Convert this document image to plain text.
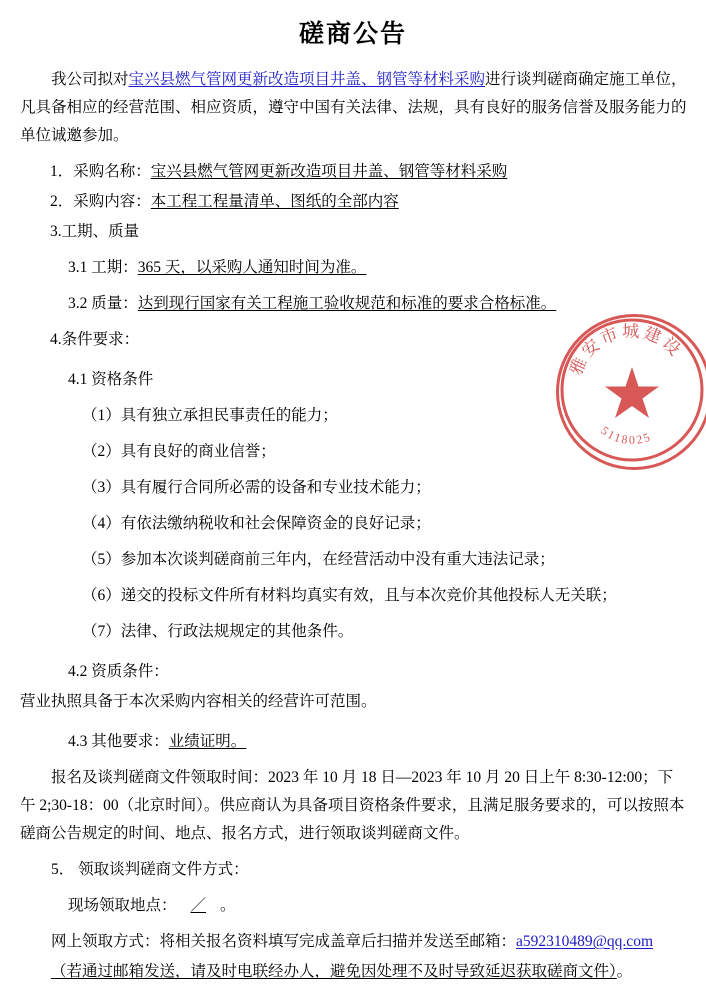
磋商公告

我公司拟对宝兴县燃气管网更新改造项目井盖、钢管等材料采购进行谈判磋商确定施工单位，凡具备相应的经营范围、相应资质，遵守中国有关法律、法规，具有良好的服务信誉及服务能力的单位诚邀参加。

1．采购名称：宝兴县燃气管网更新改造项目井盖、钢管等材料采购

2．采购内容：本工程工程量清单、图纸的全部内容

3.工期、质量

3.1 工期：365 天，以采购人通知时间为准。

3.2 质量：达到现行国家有关工程施工验收规范和标准的要求合格标准。

4.条件要求：

4.1 资格条件

（1）具有独立承担民事责任的能力；

（2）具有良好的商业信誉；

（3）具有履行合同所必需的设备和专业技术能力；

（4）有依法缴纳税收和社会保障资金的良好记录；

（5）参加本次谈判磋商前三年内，在经营活动中没有重大违法记录；

（6）递交的投标文件所有材料均真实有效，且与本次竞价其他投标人无关联；

（7）法律、行政法规规定的其他条件。

4.2 资质条件：

营业执照具备于本次采购内容相关的经营许可范围。

4.3 其他要求：业绩证明。

报名及谈判磋商文件领取时间：2023 年 10 月 18 日—2023 年 10 月 20 日上午 8:30-12:00；下午 2;30-18：00（北京时间）。供应商认为具备项目资格条件要求，且满足服务要求的，可以按照本磋商公告规定的时间、地点、报名方式，进行领取谈判磋商文件。

5． 领取谈判磋商文件方式：

现场领取地点： ／ 。

网上领取方式：将相关报名资料填写完成盖章后扫描并发送至邮箱：a592310489@qq.com

（若通过邮箱发送，请及时电联经办人，避免因处理不及时导致延迟获取磋商文件）。

雅安市城建设
5118025
